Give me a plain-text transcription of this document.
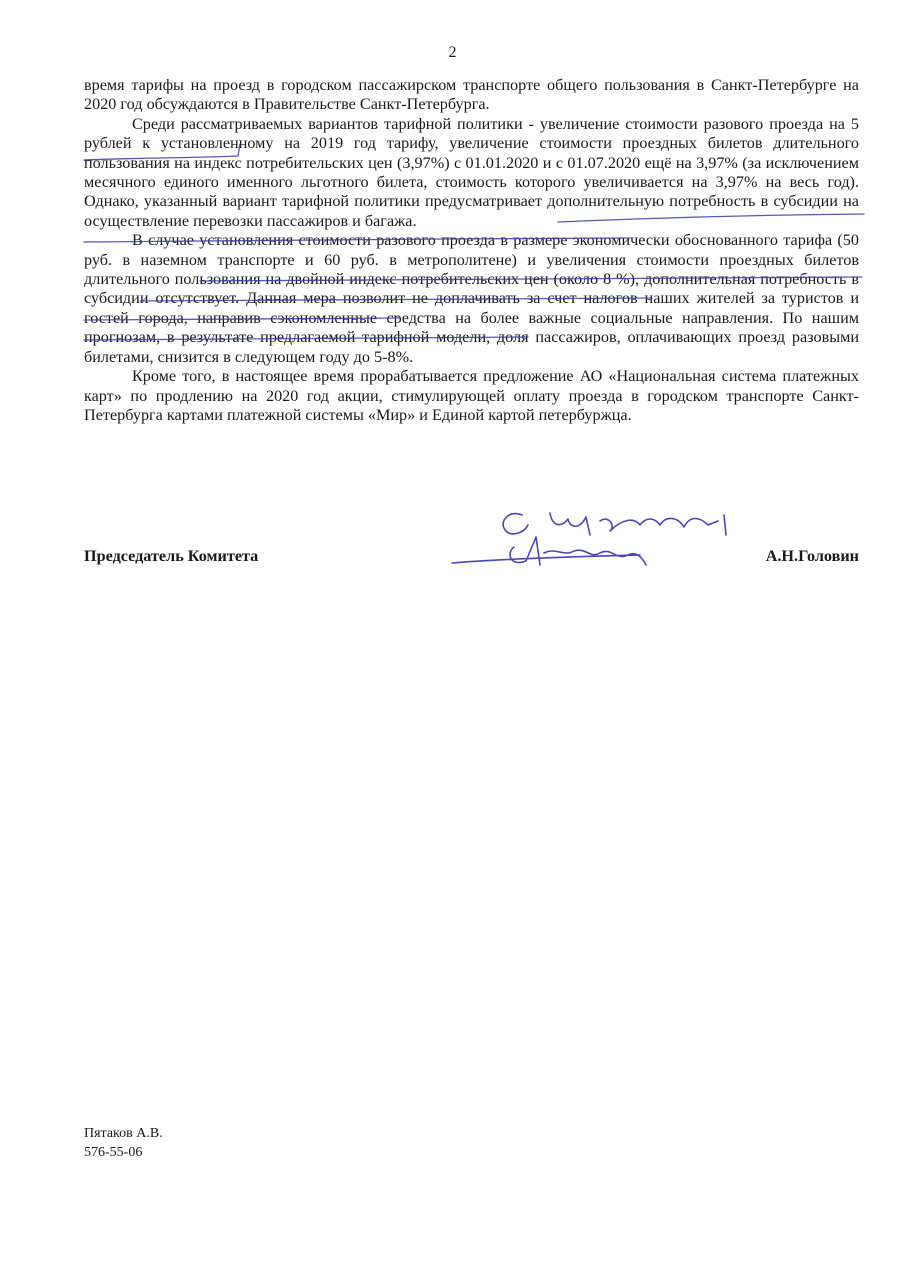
2

время тарифы на проезд в городском пассажирском транспорте общего пользования в Санкт-Петербурге на 2020 год обсуждаются в Правительстве Санкт-Петербурга.

Среди рассматриваемых вариантов тарифной политики - увеличение стоимости разового проезда на 5 рублей к установленному на 2019 год тарифу, увеличение стоимости проездных билетов длительного пользования на индекс потребительских цен (3,97%) с 01.01.2020 и с 01.07.2020 ещё на 3,97% (за исключением месячного единого именного льготного билета, стоимость которого увеличивается на 3,97% на весь год). Однако, указанный вариант тарифной политики предусматривает дополнительную потребность в субсидии на осуществление перевозки пассажиров и багажа.

В случае установления стоимости разового проезда в размере экономически обоснованного тарифа (50 руб. в наземном транспорте и 60 руб. в метрополитене) и увеличения стоимости проездных билетов длительного пользования на двойной индекс потребительских цен (около 8 %), дополнительная потребность в субсидии отсутствует. Данная мера позволит не доплачивать за счет налогов наших жителей за туристов и гостей города, направив сэкономленные средства на более важные социальные направления. По нашим прогнозам, в результате предлагаемой тарифной модели, доля пассажиров, оплачивающих проезд разовыми билетами, снизится в следующем году до 5-8%.

Кроме того, в настоящее время прорабатывается предложение АО «Национальная система платежных карт» по продлению на 2020 год акции, стимулирующей оплату проезда в городском транспорте Санкт-Петербурга картами платежной системы «Мир» и Единой картой петербуржца.

Председатель Комитета	А.Н.Головин
Пятаков А.В.
576-55-06
